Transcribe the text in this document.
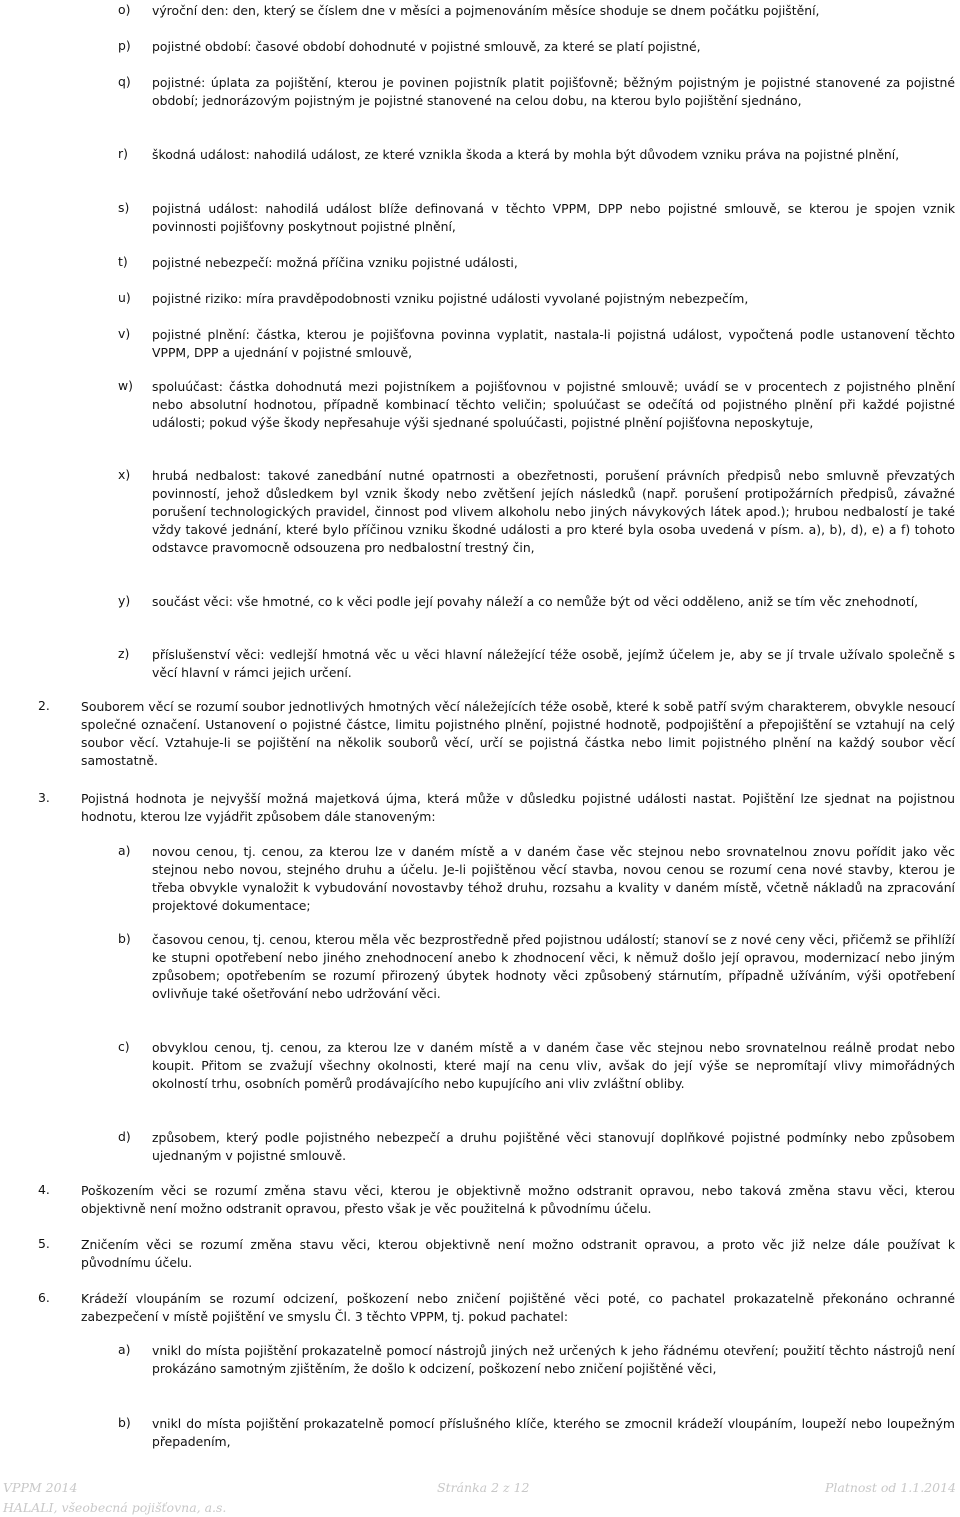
o) výroční den: den, který se číslem dne v měsíci a pojmenováním měsíce shoduje se dnem počátku pojištění,
p) pojistné období: časové období dohodnuté v pojistné smlouvě, za které se platí pojistné,
q) pojistné: úplata za pojištění, kterou je povinen pojistník platit pojišťovně; běžným pojistným je pojistné stanovené za pojistné období; jednorázovým pojistným je pojistné stanovené na celou dobu, na kterou bylo pojištění sjednáno,
r) škodná událost: nahodilá událost, ze které vznikla škoda a která by mohla být důvodem vzniku práva na pojistné plnění,
s) pojistná událost: nahodilá událost blíže definovaná v těchto VPPM, DPP nebo pojistné smlouvě, se kterou je spojen vznik povinnosti pojišťovny poskytnout pojistné plnění,
t) pojistné nebezpečí: možná příčina vzniku pojistné události,
u) pojistné riziko: míra pravděpodobnosti vzniku pojistné události vyvolané pojistným nebezpečím,
v) pojistné plnění: částka, kterou je pojišťovna povinna vyplatit, nastala-li pojistná událost, vypočtená podle ustanovení těchto VPPM, DPP a ujednání v pojistné smlouvě,
w) spoluúčast: částka dohodnutá mezi pojistníkem a pojišťovnou v pojistné smlouvě; uvádí se v procentech z pojistného plnění nebo absolutní hodnotou, případně kombinací těchto veličin; spoluúčast se odečítá od pojistného plnění při každé pojistné události; pokud výše škody nepřesahuje výši sjednané spoluúčasti, pojistné plnění pojišťovna neposkytuje,
x) hrubá nedbalost: takové zanedbání nutné opatrnosti a obezřetnosti, porušení právních předpisů nebo smluvně převzatých povinností, jehož důsledkem byl vznik škody nebo zvětšení jejích následků (např. porušení protipožárních předpisů, závažné porušení technologických pravidel, činnost pod vlivem alkoholu nebo jiných návykových látek apod.); hrubou nedbalostí je také vždy takové jednání, které bylo příčinou vzniku škodné události a pro které byla osoba uvedená v písm. a), b), d), e) a f) tohoto odstavce pravomocně odsouzena pro nedbalostní trestný čin,
y) součást věci: vše hmotné, co k věci podle její povahy náleží a co nemůže být od věci odděleno, aniž se tím věc znehodnotí,
z) příslušenství věci: vedlejší hmotná věc u věci hlavní náležející téže osobě, jejímž účelem je, aby se jí trvale užívalo společně s věcí hlavní v rámci jejich určení.
2.	Souborem věcí se rozumí soubor jednotlivých hmotných věcí náležejících téže osobě, které k sobě patří svým charakterem, obvykle nesoucí společné označení. Ustanovení o pojistné částce, limitu pojistného plnění, pojistné hodnotě, podpojištění a přepojištění se vztahují na celý soubor věcí. Vztahuje-li se pojištění na několik souborů věcí, určí se pojistná částka nebo limit pojistného plnění na každý soubor věcí samostatně.
3.	Pojistná hodnota je nejvyšší možná majetková újma, která může v důsledku pojistné události nastat. Pojištění lze sjednat na pojistnou hodnotu, kterou lze vyjádřit způsobem dále stanoveným:
a) novou cenou, tj. cenou, za kterou lze v daném místě a v daném čase věc stejnou nebo srovnatelnou znovu pořídit jako věc stejnou nebo novou, stejného druhu a účelu. Je-li pojištěnou věcí stavba, novou cenou se rozumí cena nové stavby, kterou je třeba obvykle vynaložit k vybudování novostavby téhož druhu, rozsahu a kvality v daném místě, včetně nákladů na zpracování projektové dokumentace;
b) časovou cenou, tj. cenou, kterou měla věc bezprostředně před pojistnou událostí; stanoví se z nové ceny věci, přičemž se přihlíží ke stupni opotřebení nebo jiného znehodnocení anebo k zhodnocení věci, k němuž došlo její opravou, modernizací nebo jiným způsobem; opotřebením se rozumí přirozený úbytek hodnoty věci způsobený stárnutím, případně užíváním, výši opotřebení ovlivňuje také ošetřování nebo udržování věci.
c) obvyklou cenou, tj. cenou, za kterou lze v daném místě a v daném čase věc stejnou nebo srovnatelnou reálně prodat nebo koupit. Přitom se zvažují všechny okolnosti, které mají na cenu vliv, avšak do její výše se nepromítají vlivy mimořádných okolností trhu, osobních poměrů prodávajícího nebo kupujícího ani vliv zvláštní obliby.
d) způsobem, který podle pojistného nebezpečí a druhu pojištěné věci stanovují doplňkové pojistné podmínky nebo způsobem ujednaným v pojistné smlouvě.
4.	Poškozením věci se rozumí změna stavu věci, kterou je objektivně možno odstranit opravou, nebo taková změna stavu věci, kterou objektivně není možno odstranit opravou, přesto však je věc použitelná k původnímu účelu.
5.	Zničením věci se rozumí změna stavu věci, kterou objektivně není možno odstranit opravou, a proto věc již nelze dále používat k původnímu účelu.
6.	Krádeží vloupáním se rozumí odcizení, poškození nebo zničení pojištěné věci poté, co pachatel prokazatelně překonáno ochranné zabezpečení v místě pojištění ve smyslu Čl. 3 těchto VPPM, tj. pokud pachatel:
a) vnikl do místa pojištění prokazatelně pomocí nástrojů jiných než určených k jeho řádnému otevření; použití těchto nástrojů není prokázáno samotným zjištěním, že došlo k odcizení, poškození nebo zničení pojištěné věci,
b) vnikl do místa pojištění prokazatelně pomocí příslušného klíče, kterého se zmocnil krádeží vloupáním, loupeží nebo loupežným přepadením,
VPPM 2014	Stránka 2 z 12	Platnost od 1.1.2014
HALALI, všeobecná pojišťovna, a.s.
